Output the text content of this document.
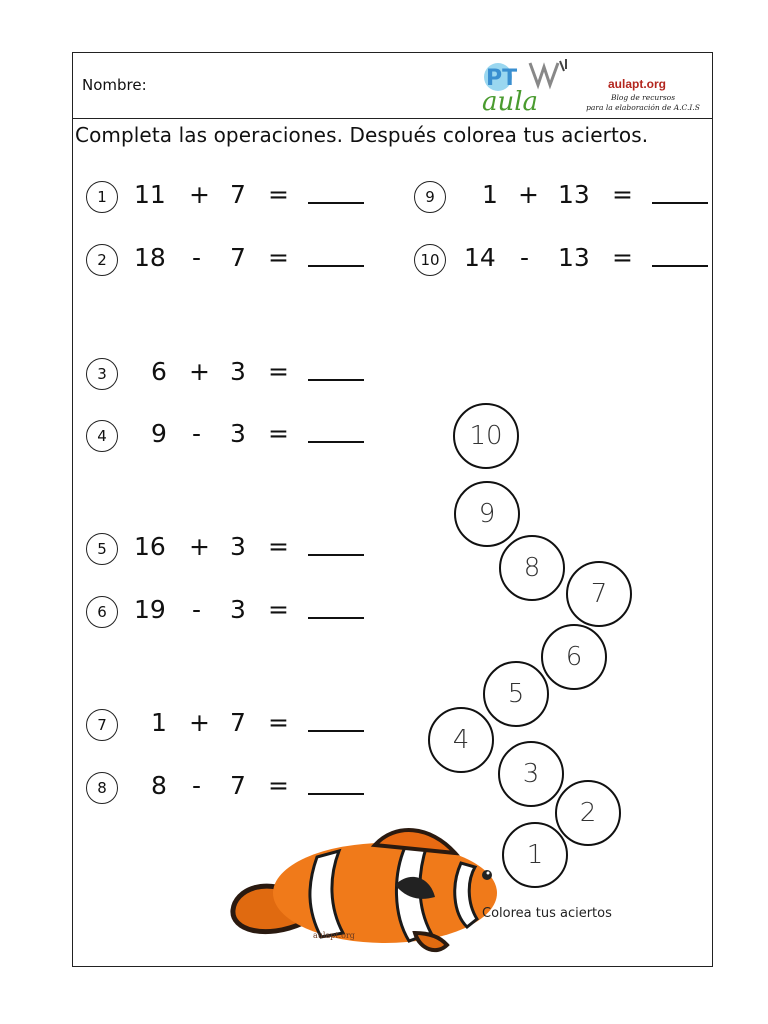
Nombre:	PT
aula
aulapt.org
Blog de recursos
para la elaboración de A.C.I.S
Completa las operaciones. Después colorea tus aciertos.
1	11 + 7 =
2	18 - 7 =
3	6 + 3 =
4	9 - 3 =
5	16 + 3 =
6	19 - 3 =
7	1 + 7 =
8	8 - 7 =
9	1 + 13 =
10 14 - 13 =
aulapt.org
Colorea tus aciertos
10
9
8
7
6
5
4
3
2
1
